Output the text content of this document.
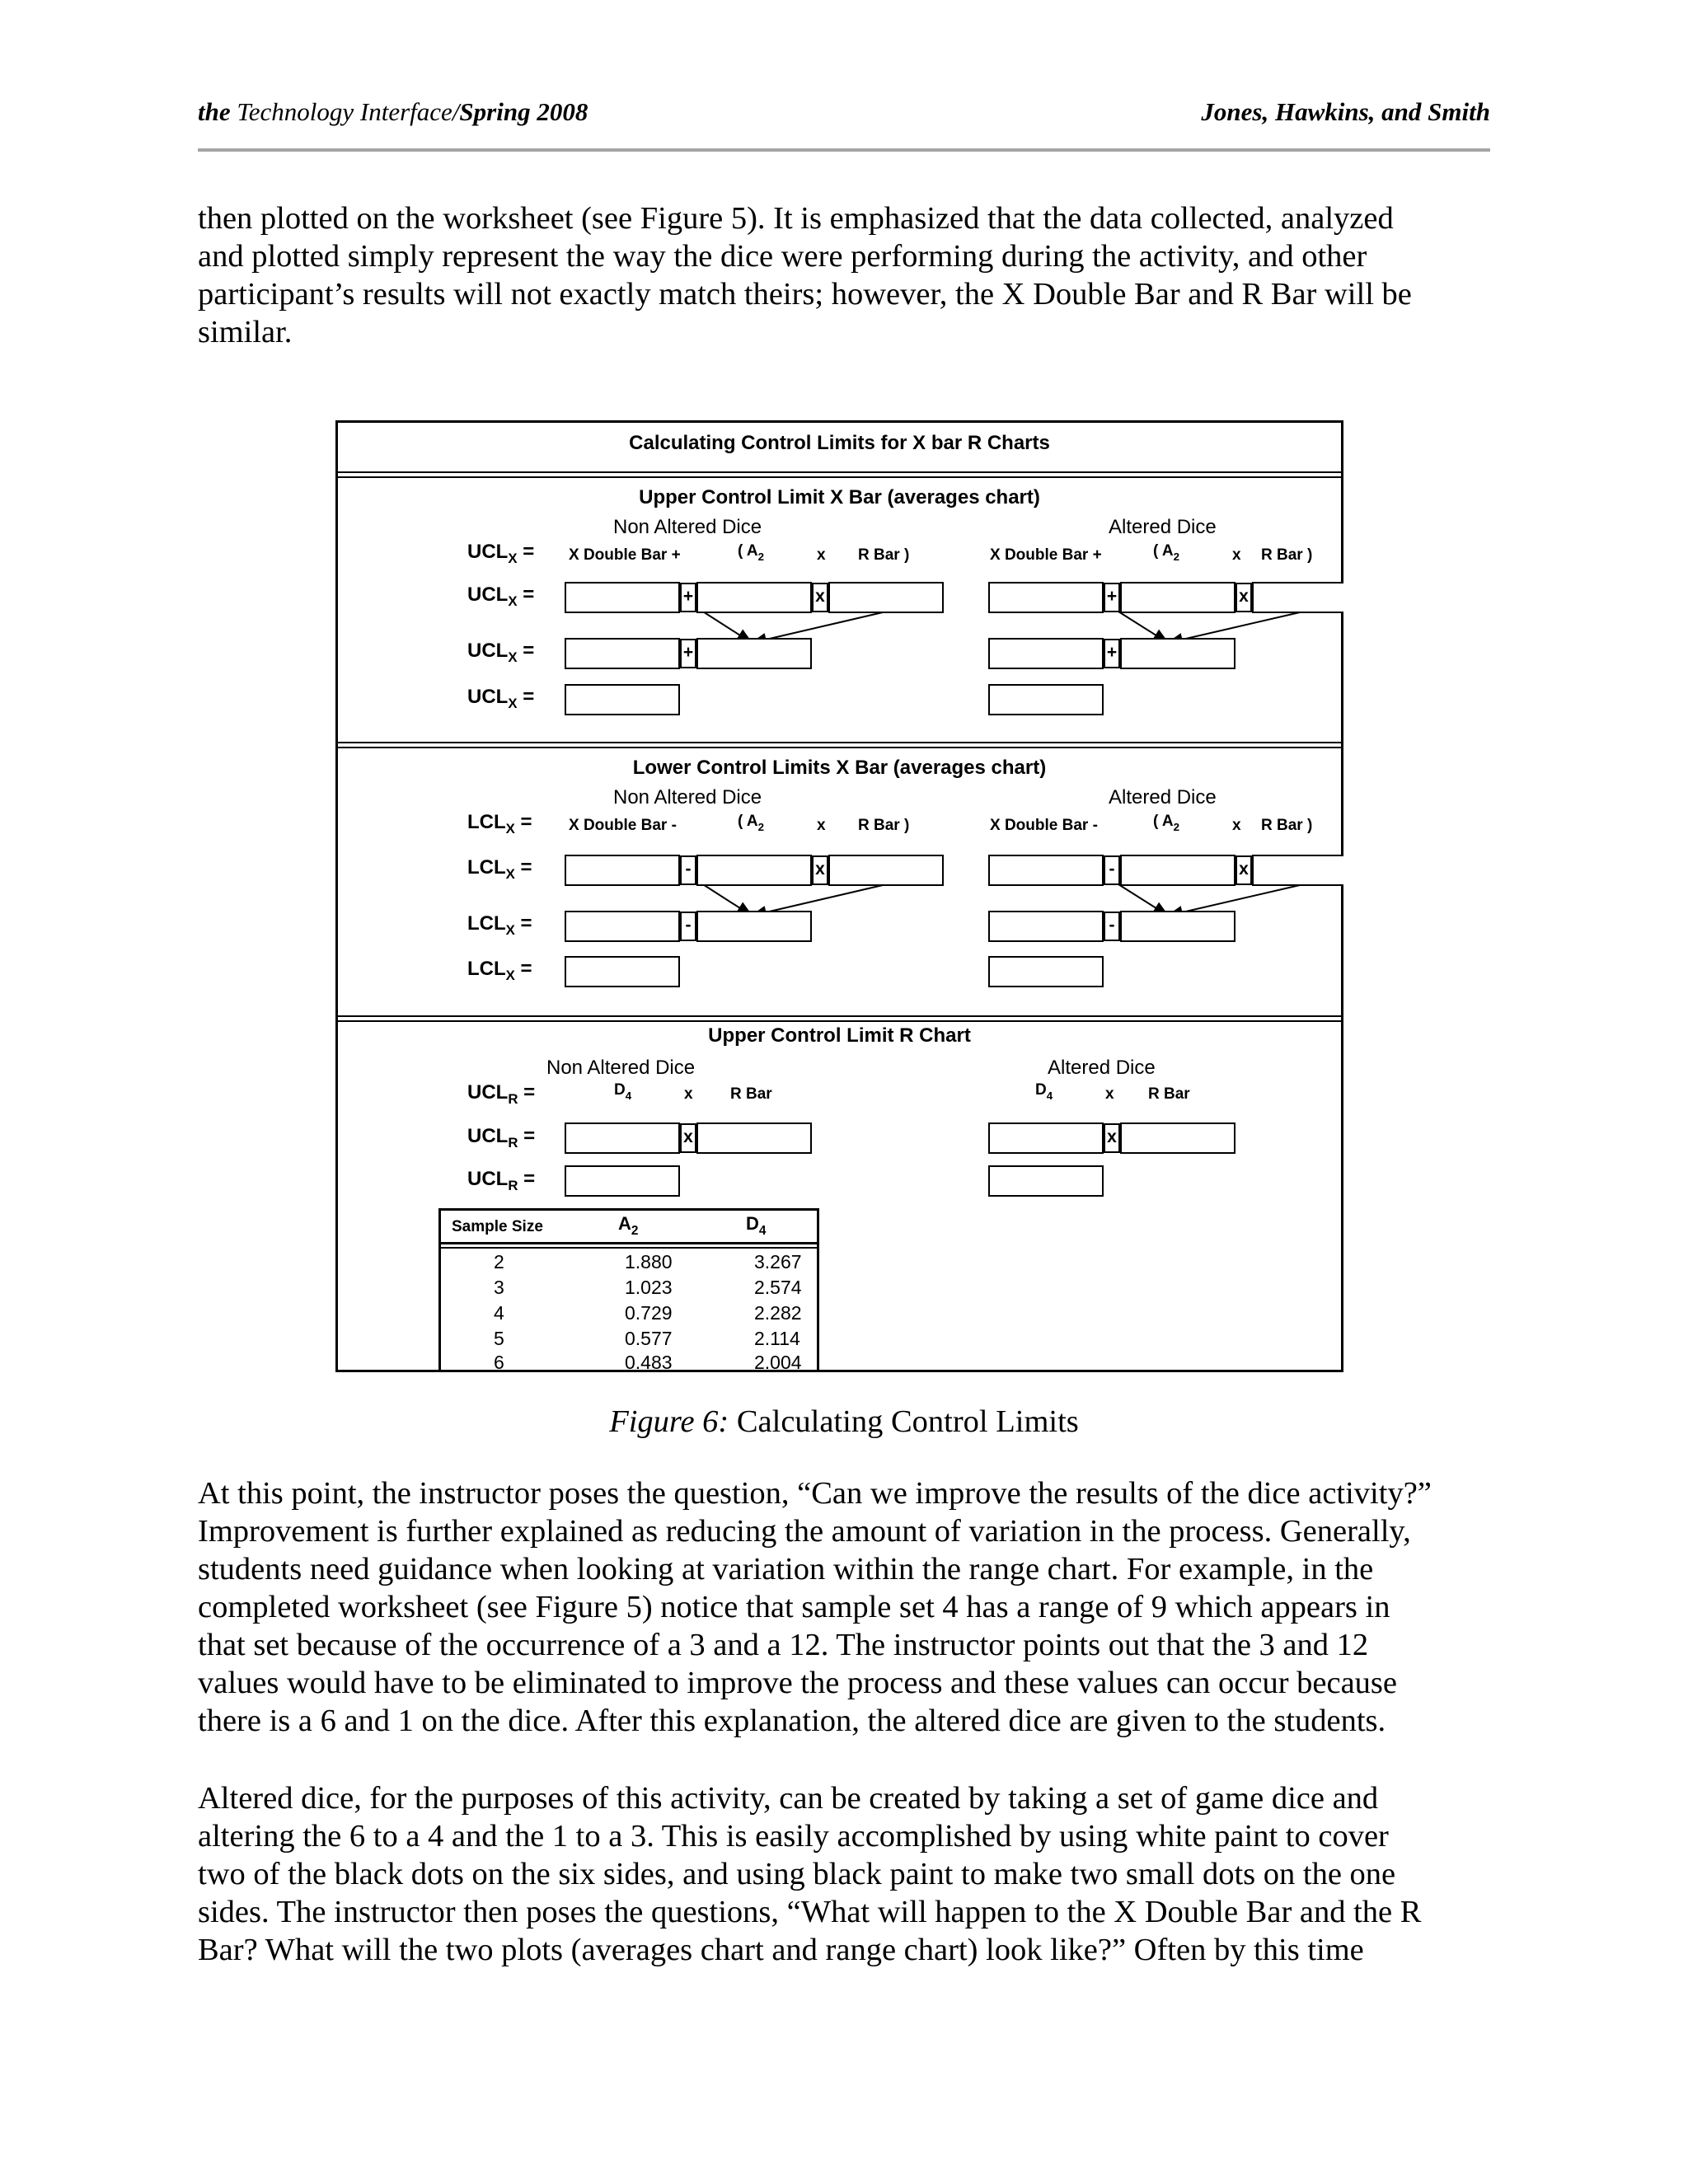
the Technology Interface/Spring 2008	Jones, Hawkins, and Smith
then plotted on the worksheet (see Figure 5). It is emphasized that the data collected, analyzed
and plotted simply represent the way the dice were performing during the activity, and other
participant’s results will not exactly match theirs; however, the X Double Bar and R Bar will be
similar.
Calculating Control Limits for X bar R Charts
Upper Control Limit X Bar (averages chart)
Non Altered Dice	Altered Dice
$UCL_X = X$ Double Bar +	( $A_2$	x R Bar )	X Double Bar +	( $A_2$	x R Bar )
$UCL_X$ =	+	x	+	x
$UCL_X$ =	+	+
$UCL_X$ =
Lower Control Limits X Bar (averages chart)
Non Altered Dice	Altered Dice
$LCL_X = X$ Double Bar -	( $A_2$	x R Bar )	X Double Bar -	( $A_2$	x R Bar )
$LCL_X$ =	-	x	-	x
$LCL_X$ =	-	-
$LCL_X$ =
Upper Control Limit R Chart
Non Altered Dice	Altered Dice
$UCL_R$ =	$D_4$	x R Bar	$D_4$	x R Bar
$UCL_R$ =	x	x
$UCL_R$ =
Sample Size	$A_2$	$D_4$
2	1.880	3.267
3	1.023	2.574
4	0.729	2.282
5	0.577	2.114
6	0.483	2.004
Figure 6: Calculating Control Limits
At this point, the instructor poses the question, “Can we improve the results of the dice activity?”
Improvement is further explained as reducing the amount of variation in the process. Generally,
students need guidance when looking at variation within the range chart. For example, in the
completed worksheet (see Figure 5) notice that sample set 4 has a range of 9 which appears in
that set because of the occurrence of a 3 and a 12. The instructor points out that the 3 and 12
values would have to be eliminated to improve the process and these values can occur because
there is a 6 and 1 on the dice. After this explanation, the altered dice are given to the students.
Altered dice, for the purposes of this activity, can be created by taking a set of game dice and
altering the 6 to a 4 and the 1 to a 3. This is easily accomplished by using white paint to cover
two of the black dots on the six sides, and using black paint to make two small dots on the one
sides. The instructor then poses the questions, “What will happen to the X Double Bar and the R
Bar? What will the two plots (averages chart and range chart) look like?” Often by this time
